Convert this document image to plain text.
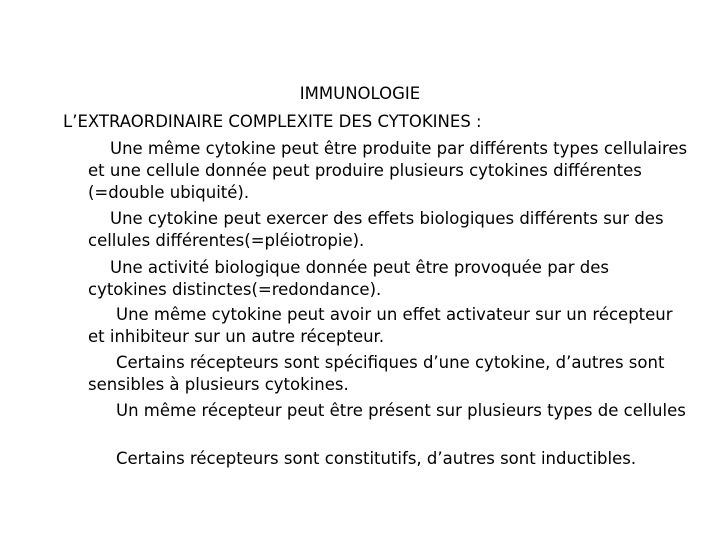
IMMUNOLOGIE
L’EXTRAORDINAIRE COMPLEXITE DES CYTOKINES :

Une même cytokine peut être produite par différents types cellulaires et une cellule donnée peut produire plusieurs cytokines différentes (=double ubiquité).

Une cytokine peut exercer des effets biologiques différents sur des cellules différentes(=pléiotropie).

Une activité biologique donnée peut être provoquée par des cytokines distinctes(=redondance).

Une même cytokine peut avoir un effet activateur sur un récepteur et inhibiteur sur un autre récepteur.

Certains récepteurs sont spécifiques d’une cytokine, d’autres sont sensibles à plusieurs cytokines.

Un même récepteur peut être présent sur plusieurs types de cellules

Certains récepteurs sont constitutifs, d’autres sont inductibles.
